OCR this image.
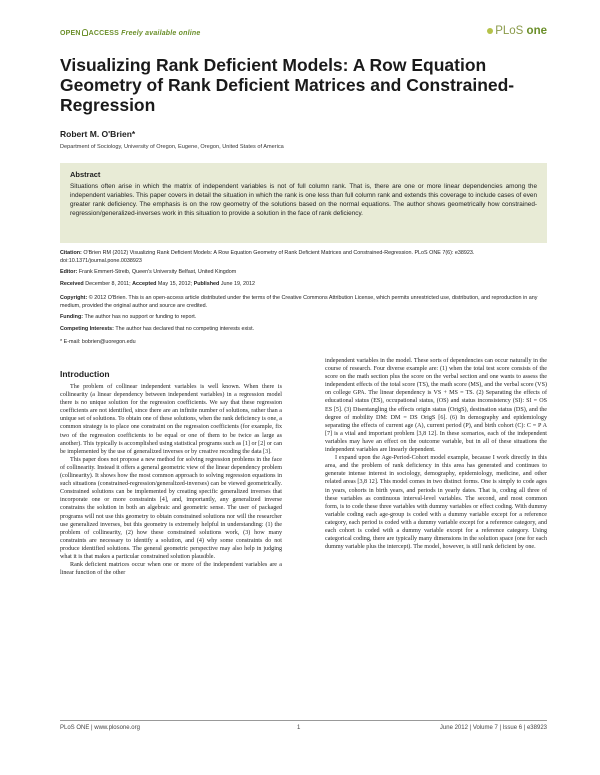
OPEN ACCESS Freely available online	PLoS one
Visualizing Rank Deficient Models: A Row Equation Geometry of Rank Deficient Matrices and Constrained-Regression
Robert M. O'Brien*
Department of Sociology, University of Oregon, Eugene, Oregon, United States of America
Abstract
Situations often arise in which the matrix of independent variables is not of full column rank. That is, there are one or more linear dependencies among the independent variables. This paper covers in detail the situation in which the rank is one less than full column rank and extends this coverage to include cases of even greater rank deficiency. The emphasis is on the row geometry of the solutions based on the normal equations. The author shows geometrically how constrained-regression/generalized-inverses work in this situation to provide a solution in the face of rank deficiency.
Citation: O'Brien RM (2012) Visualizing Rank Deficient Models: A Row Equation Geometry of Rank Deficient Matrices and Constrained-Regression. PLoS ONE 7(6): e38923. doi:10.1371/journal.pone.0038923
Editor: Frank Emmert-Streib, Queen's University Belfast, United Kingdom
Received December 8, 2011; Accepted May 15, 2012; Published June 19, 2012
Copyright: © 2012 O'Brien. This is an open-access article distributed under the terms of the Creative Commons Attribution License, which permits unrestricted use, distribution, and reproduction in any medium, provided the original author and source are credited.
Funding: The author has no support or funding to report.
Competing Interests: The author has declared that no competing interests exist.
* E-mail: bobrien@uoregon.edu
Introduction

The problem of collinear independent variables is well known. When there is collinearity (a linear dependency between independent variables) in a regression model there is no unique solution for the regression coefficients. We say that these regression coefficients are not identified, since there are an infinite number of solutions, rather than a unique set of solutions. To obtain one of these solutions, when the rank deficiency is one, a common strategy is to place one constraint on the regression coefficients (for example, fix two of the regression coefficients to be equal or one of them to be twice as large as another). This typically is accomplished using statistical programs such as [1] or [2] or can be implemented by the use of generalized inverses or by creative recoding the data [3].

This paper does not propose a new method for solving regression problems in the face of collinearity. Instead it offers a general geometric view of the linear dependency problem (collinearity). It shows how the most common approach to solving regression equations in such situations (constrained-regression/generalized-inverses) can be viewed geometrically. Constrained solutions can be implemented by creating specific generalized inverses that incorporate one or more constraints [4], and, importantly, any generalized inverse constrains the solution in both an algebraic and geometric sense. The user of packaged programs will not use this geometry to obtain constrained solutions nor will the researcher use generalized inverses, but this geometry is extremely helpful in understanding: (1) the problem of collinearity, (2) how these constrained solutions work, (3) how many constraints are necessary to identify a solution, and (4) why some constraints do not produce identified solutions. The general geometric perspective may also help in judging what it is that makes a particular constrained solution plausible.

Rank deficient matrices occur when one or more of the independent variables are a linear function of the other

independent variables in the model. These sorts of dependencies can occur naturally in the course of research. Four diverse example are: (1) when the total test score consists of the score on the math section plus the score on the verbal section and one wants to assess the independent effects of the total score (TS), the math score (MS), and the verbal score (VS) on college GPA. The linear dependency is VS + MS = TS. (2) Separating the effects of educational status (ES), occupational status, (OS) and status inconsistency (SI): SI = OS ES [5]. (3) Disentangling the effects origin status (OrigS), destination status (DS), and the degree of mobility DM: DM = DS OrigS [6]. (6) In demography and epidemiology separating the effects of current age (A), current period (P), and birth cohort (C): C = P A [7] is a vital and important problem [3,8 12]. In these scenarios, each of the independent variables may have an effect on the outcome variable, but in all of these situations the independent variables are linearly dependent.

I expand upon the Age-Period-Cohort model example, because I work directly in this area, and the problem of rank deficiency in this area has generated and continues to generate intense interest in sociology, demography, epidemiology, medicine, and other related areas [3,8 12]. This model comes in two distinct forms. One is simply to code ages in years, cohorts in birth years, and periods in yearly dates. That is, coding all three of these variables as continuous interval-level variables. The second, and most common form, is to code these three variables with dummy variables or effect coding. With dummy variable coding each age-group is coded with a dummy variable except for a reference category, each period is coded with a dummy variable except for a reference category, and each cohort is coded with a dummy variable except for a reference category. Using categorical coding, there are typically many dimensions in the solution space (one for each dummy variable plus the intercept). The model, however, is still rank deficient by one.

PLoS ONE | www.plosone.org	1	June 2012 | Volume 7 | Issue 6 | e38923
